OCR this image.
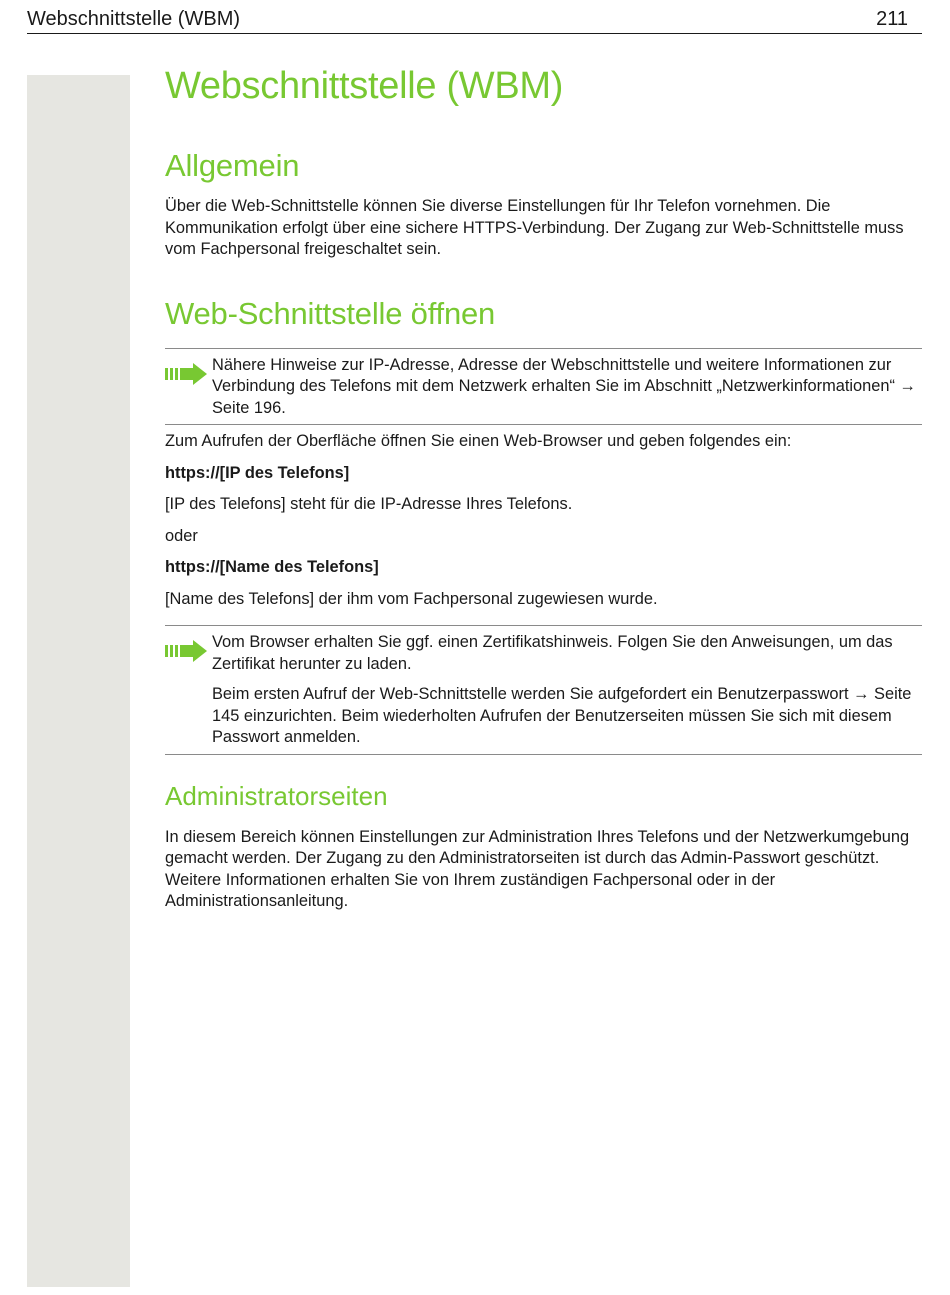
Webschnittstelle (WBM)	211
Webschnittstelle (WBM)
Allgemein

Über die Web-Schnittstelle können Sie diverse Einstellungen für Ihr Telefon vornehmen. Die Kommunikation erfolgt über eine sichere HTTPS-Verbindung. Der Zugang zur Web-Schnittstelle muss vom Fachpersonal freigeschaltet sein.

Web-Schnittstelle öffnen

Nähere Hinweise zur IP-Adresse, Adresse der Webschnittstelle und weitere Informationen zur Verbindung des Telefons mit dem Netzwerk erhalten Sie im Abschnitt „Netzwerkinformationen“ → Seite 196.

Zum Aufrufen der Oberfläche öffnen Sie einen Web-Browser und geben folgendes ein:

https://[IP des Telefons]

[IP des Telefons] steht für die IP-Adresse Ihres Telefons.

oder

https://[Name des Telefons]

[Name des Telefons] der ihm vom Fachpersonal zugewiesen wurde.

Vom Browser erhalten Sie ggf. einen Zertifikatshinweis. Folgen Sie den Anweisungen, um das Zertifikat herunter zu laden.

Beim ersten Aufruf der Web-Schnittstelle werden Sie aufgefordert ein Benutzerpasswort → Seite 145 einzurichten. Beim wiederholten Aufrufen der Benutzerseiten müssen Sie sich mit diesem Passwort anmelden.

Administratorseiten

In diesem Bereich können Einstellungen zur Administration Ihres Telefons und der Netzwerkumgebung gemacht werden. Der Zugang zu den Administratorseiten ist durch das Admin-Passwort geschützt. Weitere Informationen erhalten Sie von Ihrem zuständigen Fachpersonal oder in der Administrationsanleitung.
